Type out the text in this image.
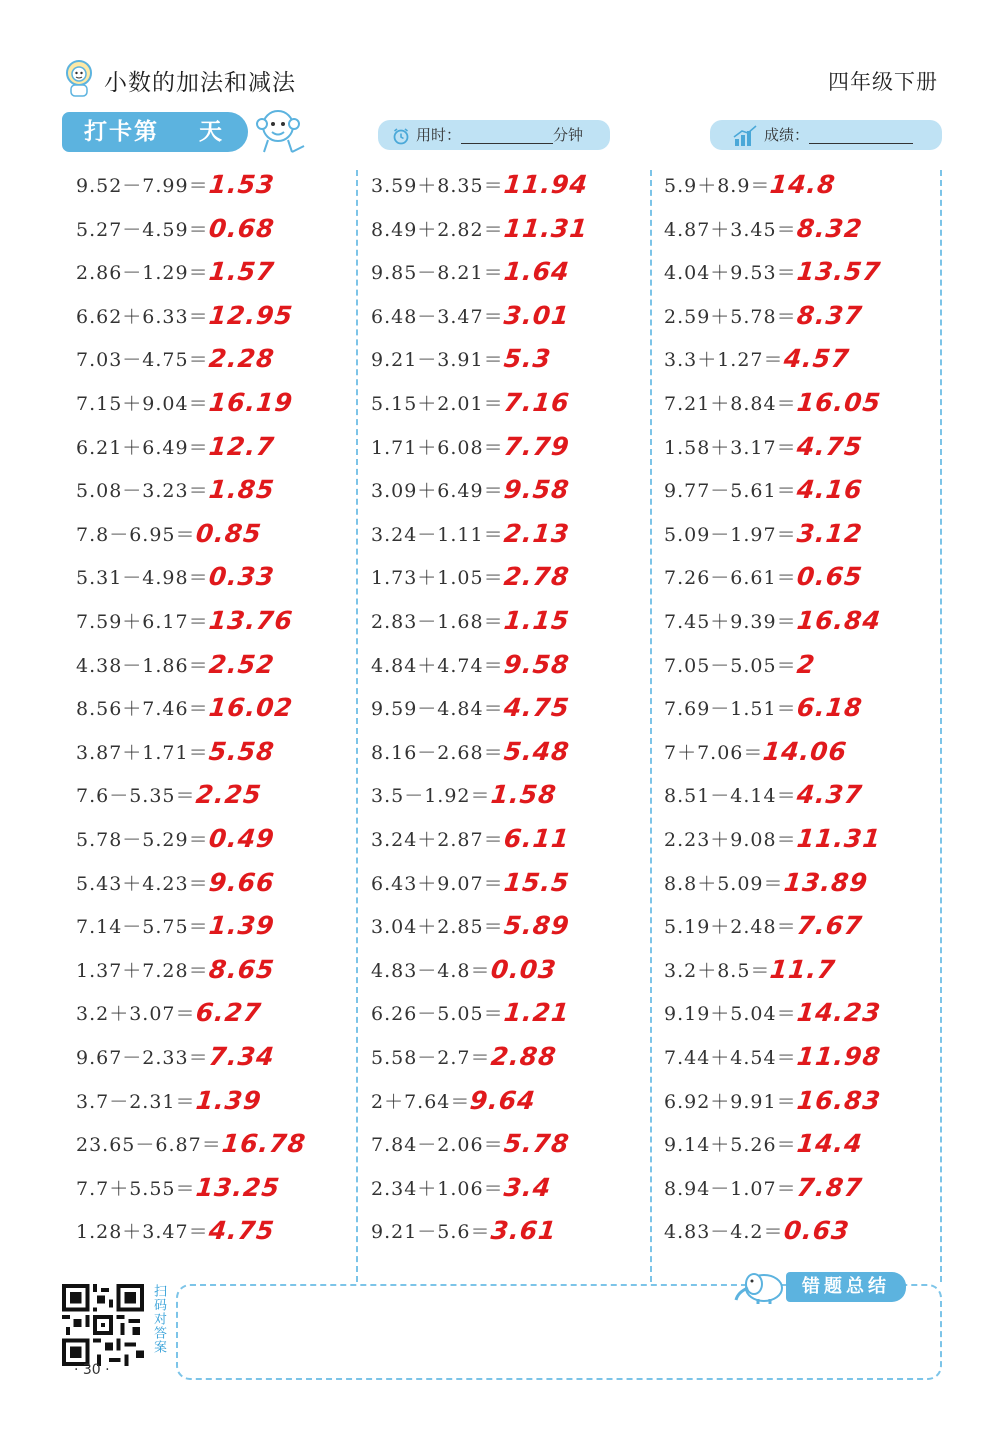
小数的加法和减法	四年级下册
打卡第 天	用时：	分钟	成绩：
9.52－7.99＝1.53
5.27－4.59＝0.68
2.86－1.29＝1.57
6.62＋6.33＝12.95
7.03－4.75＝2.28
7.15＋9.04＝16.19
6.21＋6.49＝12.7
5.08－3.23＝1.85
7.8－6.95＝0.85
5.31－4.98＝0.33
7.59＋6.17＝13.76
4.38－1.86＝2.52
8.56＋7.46＝16.02
3.87＋1.71＝5.58
7.6－5.35＝2.25
5.78－5.29＝0.49
5.43＋4.23＝9.66
7.14－5.75＝1.39
1.37＋7.28＝8.65
3.2＋3.07＝6.27
9.67－2.33＝7.34
3.7－2.31＝1.39
23.65－6.87＝16.78
7.7＋5.55＝13.25
1.28＋3.47＝4.75
3.59＋8.35＝11.94
8.49＋2.82＝11.31
9.85－8.21＝1.64
6.48－3.47＝3.01
9.21－3.91＝5.3
5.15＋2.01＝7.16
1.71＋6.08＝7.79
3.09＋6.49＝9.58
3.24－1.11＝2.13
1.73＋1.05＝2.78
2.83－1.68＝1.15
4.84＋4.74＝9.58
9.59－4.84＝4.75
8.16－2.68＝5.48
3.5－1.92＝1.58
3.24＋2.87＝6.11
6.43＋9.07＝15.5
3.04＋2.85＝5.89
4.83－4.8＝0.03
6.26－5.05＝1.21
5.58－2.7＝2.88
2＋7.64＝9.64
7.84－2.06＝5.78
2.34＋1.06＝3.4
9.21－5.6＝3.61
5.9＋8.9＝14.8
4.87＋3.45＝8.32
4.04＋9.53＝13.57
2.59＋5.78＝8.37
3.3＋1.27＝4.57
7.21＋8.84＝16.05
1.58＋3.17＝4.75
9.77－5.61＝4.16
5.09－1.97＝3.12
7.26－6.61＝0.65
7.45＋9.39＝16.84
7.05－5.05＝2
7.69－1.51＝6.18
7＋7.06＝14.06
8.51－4.14＝4.37
2.23＋9.08＝11.31
8.8＋5.09＝13.89
5.19＋2.48＝7.67
3.2＋8.5＝11.7
9.19＋5.04＝14.23
7.44＋4.54＝11.98
6.92＋9.91＝16.83
9.14＋5.26＝14.4
8.94－1.07＝7.87
4.83－4.2＝0.63
扫码对答案
· 30 ·
错题总结
